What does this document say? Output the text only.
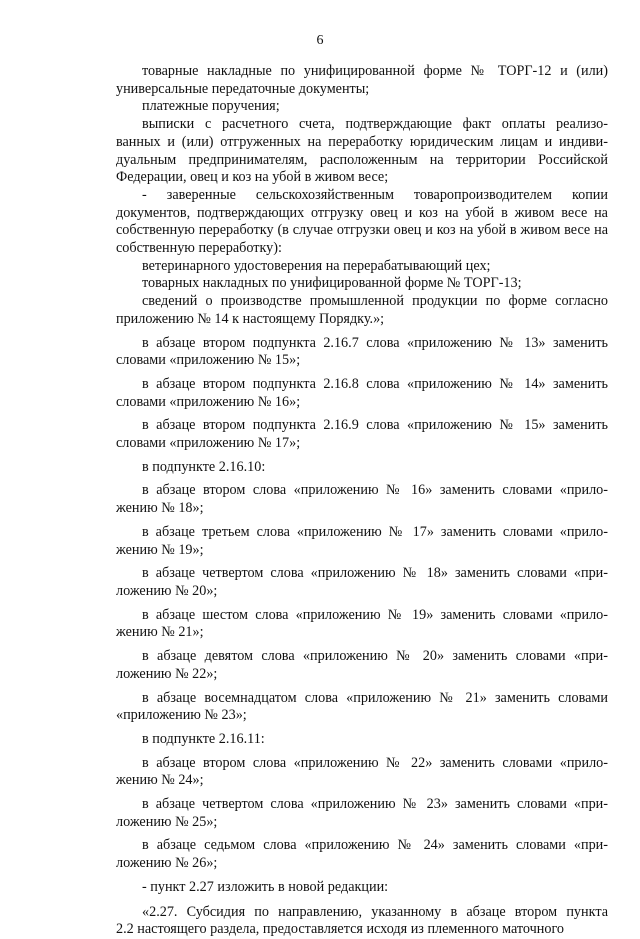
6

товарные накладные по унифицированной форме № ТОРГ-12 и (или)
универсальные передаточные документы;

платежные поручения;

выписки с расчетного счета, подтверждающие факт оплаты реализо-
ванных и (или) отгруженных на переработку юридическим лицам и индиви-дуальным предпринимателям, расположенным на территории Российской Федерации, овец и коз на убой в живом весе;

- заверенные сельскохозяйственным товаропроизводителем копии
документов, подтверждающих отгрузку овец и коз на убой в живом весе на собственную переработку (в случае отгрузки овец и коз на убой в живом весе на собственную переработку):

ветеринарного удостоверения на перерабатывающий цех;

товарных накладных по унифицированной форме № ТОРГ-13;

сведений о производстве промышленной продукции по форме согласно
приложению № 14 к настоящему Порядку.»;

в абзаце втором подпункта 2.16.7 слова «приложению № 13» заменить
словами «приложению № 15»;

в абзаце втором подпункта 2.16.8 слова «приложению № 14» заменить
словами «приложению № 16»;

в абзаце втором подпункта 2.16.9 слова «приложению № 15» заменить
словами «приложению № 17»;

в подпункте 2.16.10:

в абзаце втором слова «приложению № 16» заменить словами «прило-
жению № 18»;

в абзаце третьем слова «приложению № 17» заменить словами «прило-
жению № 19»;

в абзаце четвертом слова «приложению № 18» заменить словами «при-
ложению № 20»;

в абзаце шестом слова «приложению № 19» заменить словами «прило-
жению № 21»;

в абзаце девятом слова «приложению № 20» заменить словами «при-
ложению № 22»;

в абзаце восемнадцатом слова «приложению № 21» заменить словами
«приложению № 23»;

в подпункте 2.16.11:

в абзаце втором слова «приложению № 22» заменить словами «прило-
жению № 24»;

в абзаце четвертом слова «приложению № 23» заменить словами «при-
ложению № 25»;

в абзаце седьмом слова «приложению № 24» заменить словами «при-
ложению № 26»;

- пункт 2.27 изложить в новой редакции:

«2.27. Субсидия по направлению, указанному в абзаце втором пункта
2.2 настоящего раздела, предоставляется исходя из племенного маточного
